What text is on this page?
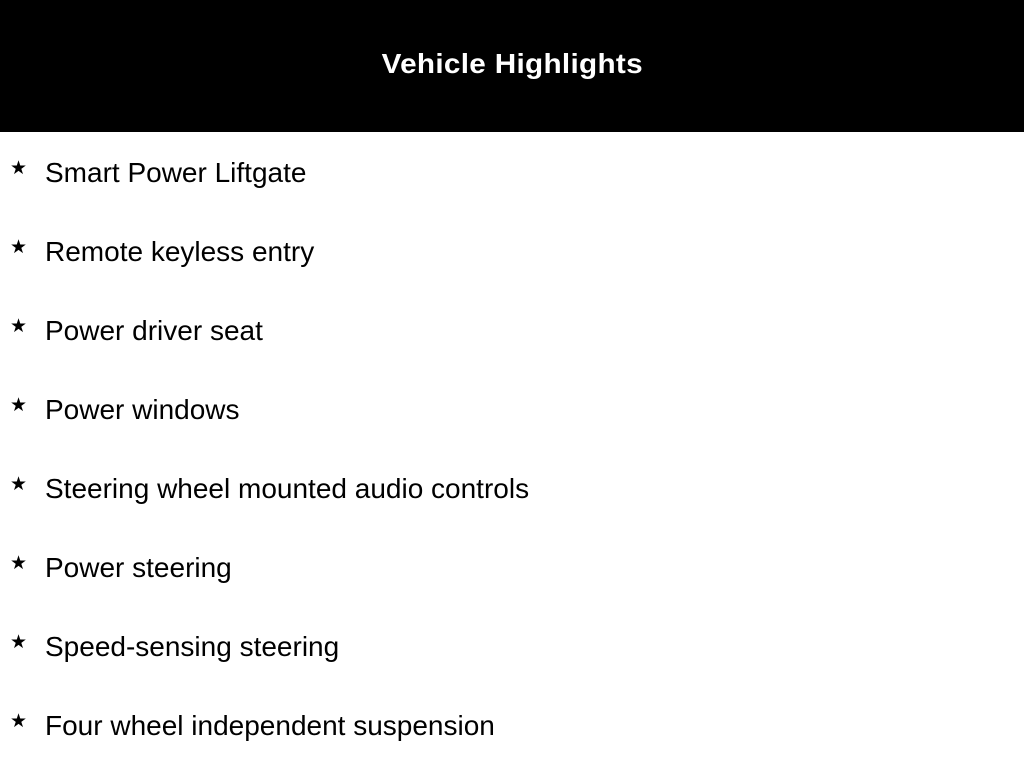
Vehicle Highlights
★ Smart Power Liftgate
★ Remote keyless entry
★ Power driver seat
★ Power windows
★ Steering wheel mounted audio controls
★ Power steering
★ Speed-sensing steering
★ Four wheel independent suspension
